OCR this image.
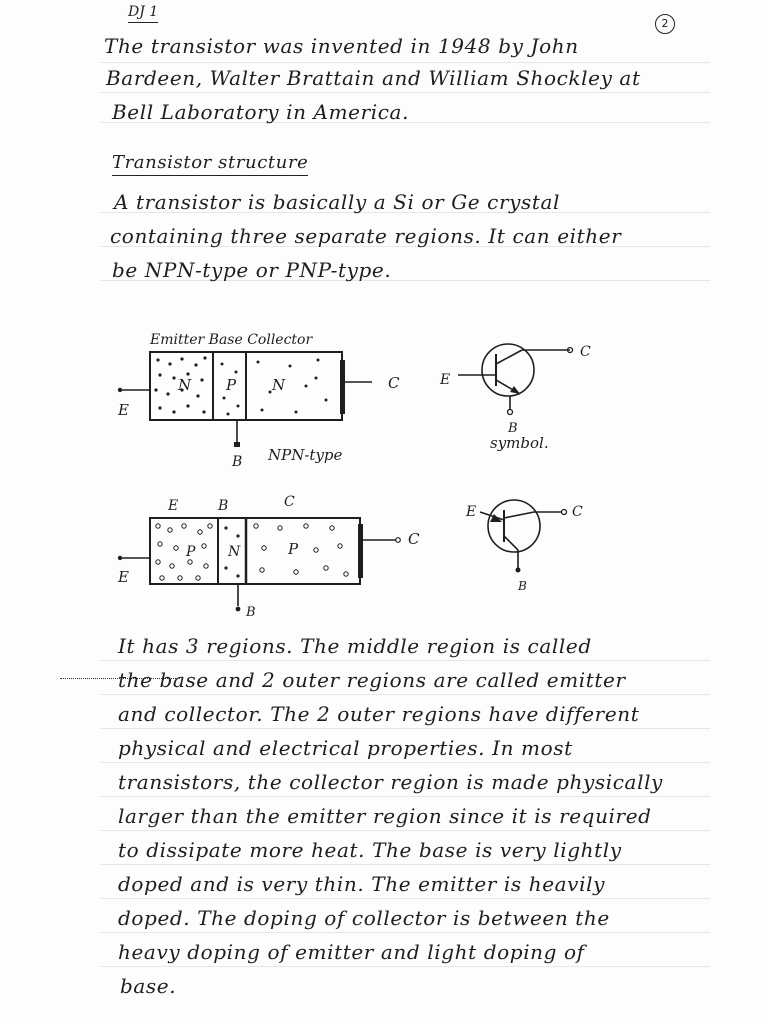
DJ 1
2
The transistor was invented in 1948 by John
Bardeen, Walter Brattain and William Shockley at
Bell Laboratory in America.
Transistor structure
A transistor is basically a Si or Ge crystal
containing three separate regions. It can either
be NPN-type or PNP-type.
Emitter Base Collector
N P N
E
C
B NPN-type
E
C
B
symbol.
E	B	C
P N	P
E
C
B
E	C
B
It has 3 regions. The middle region is called
the base and 2 outer regions are called emitter
and collector. The 2 outer regions have different
physical and electrical properties. In most
transistors, the collector region is made physically
larger than the emitter region since it is required
to dissipate more heat. The base is very lightly
doped and is very thin. The emitter is heavily
doped. The doping of collector is between the
heavy doping of emitter and light doping of
base.
